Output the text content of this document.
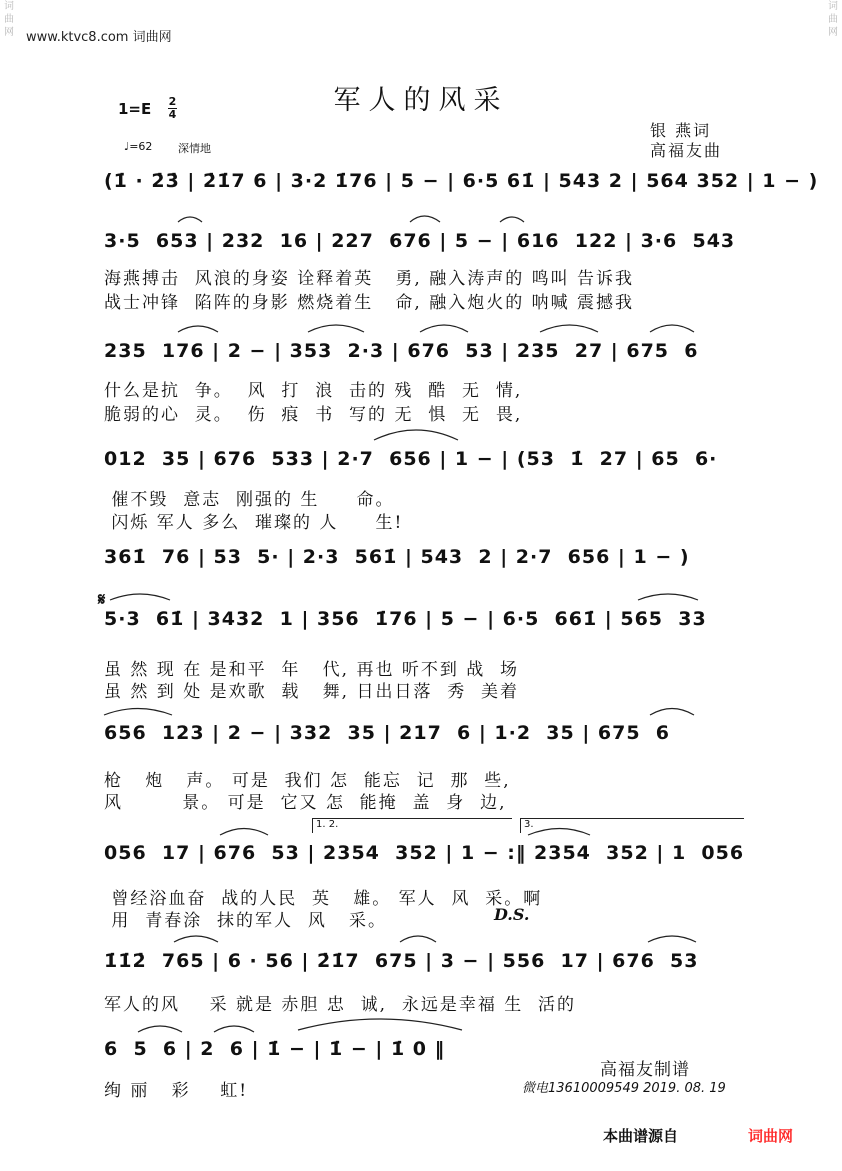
www.ktvc8.com 词曲网
词
曲
网
词
曲
网
军人的风采
1=E 2
4
♩=62 深情地
银 燕词
高福友曲
(1̇ · 2̇3̇ | 2̇1̇7 6 | 3·2 1̇76 | 5 − | 6·5 61̇ | 543 2 | 564 352 | 1 − )
3·5  653 | 232  16 | 227  676 | 5 − | 616  122 | 3·6  543
海燕搏击  风浪的身姿 诠释着英   勇, 融入涛声的 鸣叫 告诉我
战士冲锋  陷阵的身影 燃烧着生   命, 融入炮火的 呐喊 震撼我
235  176 | 2 − | 353  2·3 | 676  53 | 235  27 | 675  6
什么是抗  争。  风  打  浪  击的 残  酷  无  情,
脆弱的心  灵。  伤  痕  书  写的 无  惧  无  畏,
012  35 | 676  533 | 2·7  656 | 1 − | (53  1̇  27 | 65  6·
催不毁  意志  刚强的 生     命。
闪烁 军人 多么  璀璨的 人     生!
361̇  76 | 53  5· | 2·3  561̇ | 543  2 | 2·7  656 | 1 − )
𝄋
5·3  61̇ | 3432  1 | 356  1̇76 | 5 − | 6·5  661̇ | 565  33
虽 然 现 在 是和平  年   代, 再也 听不到 战  场
虽 然 到 处 是欢歌  载   舞, 日出日落  秀  美着
656  123 | 2 − | 332  35 | 217  6 | 1·2  35 | 675  6
枪   炮   声。 可是  我们 怎  能忘  记  那  些,
风        景。 可是  它又 怎  能掩  盖  身  边,
1. 2.	3.
056  17 | 676  53 | 2354  352 | 1 − :‖ 2354  352 | 1  056
曾经浴血奋  战的人民  英   雄。 军人  风  采。啊
用  青春涂  抹的军人  风   采。	D.S.
1̇1̇2̇  765 | 6 · 56 | 2̇1̇7  675 | 3 − | 556  17 | 676  53
军人的风    采 就是 赤胆 忠  诚,  永远是幸福 生  活的
6  5  6 | 2  6 | 1̇ − | 1̇ − | 1̇ 0 ‖
绚 丽   彩    虹!
高福友制谱
微电13610009549 2019. 08. 19
本曲谱源自	词曲网
